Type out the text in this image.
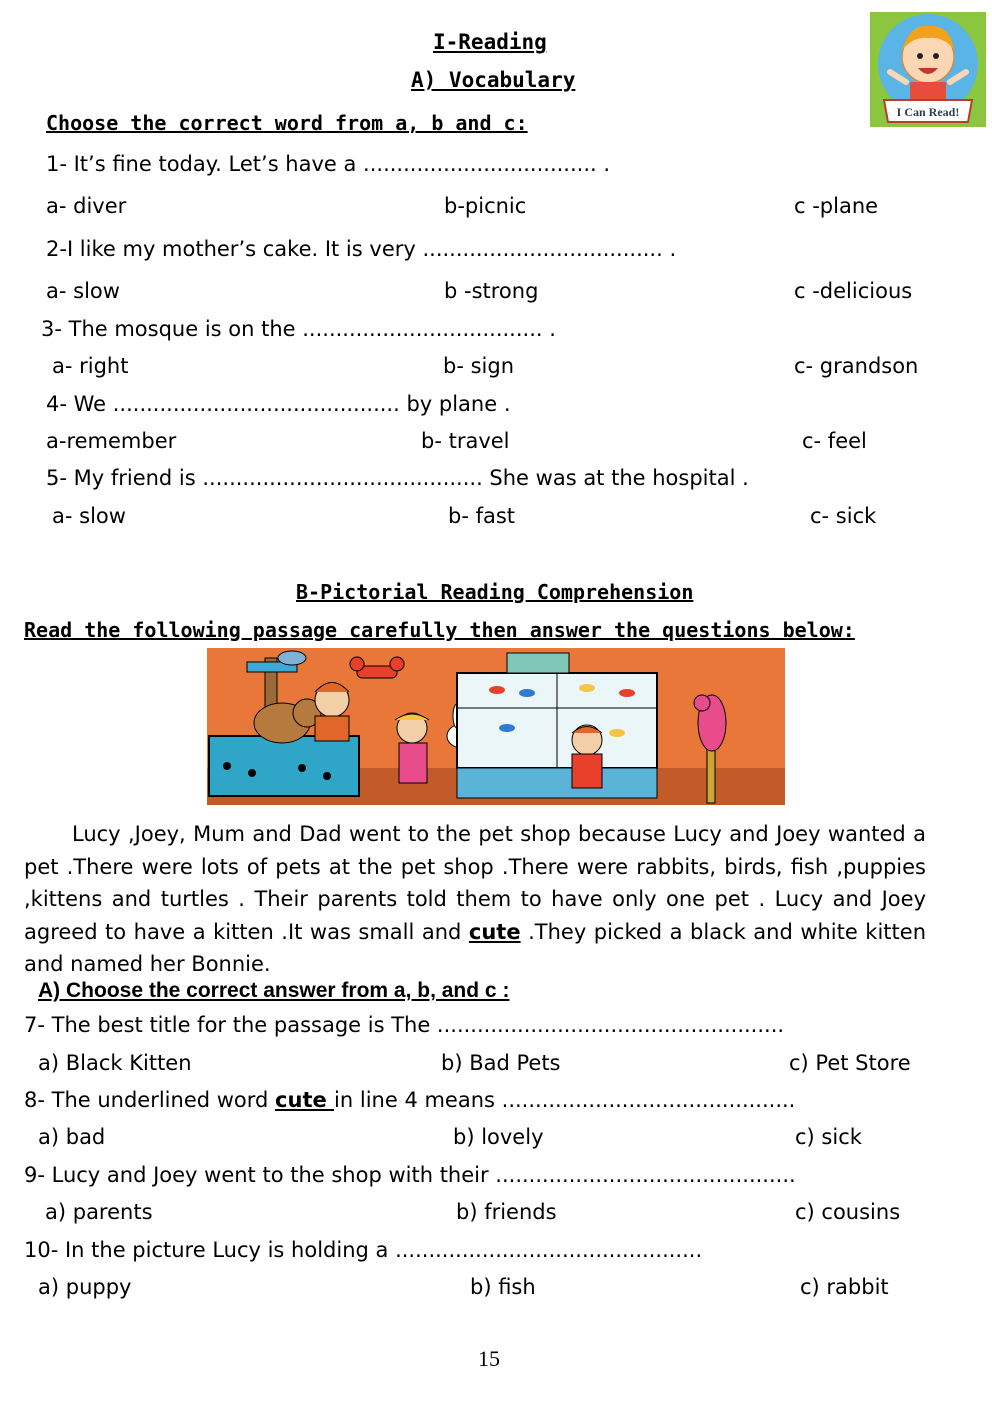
I-Reading
A) Vocabulary
Choose the correct word from a, b and c:	I Can Read!
1- It’s fine today. Let’s have a ................................... .
a- diver	b-picnic	c -plane
2-I like my mother’s cake. It is very .................................... .
a- slow	b -strong	c -delicious
3- The mosque is on the .................................... .
a- right	b- sign	c- grandson
4- We ........................................... by plane .
a-remember	b- travel	c- feel
5- My friend is .......................................... She was at the hospital .
a- slow	b- fast	c- sick
B-Pictorial Reading Comprehension
Read the following passage carefully then answer the questions below:
Lucy ,Joey, Mum and Dad went to the pet shop because Lucy and Joey wanted a pet .There were lots of pets at the pet shop .There were rabbits, birds, fish ,puppies ,kittens and turtles . Their parents told them to have only one pet . Lucy and Joey agreed to have a kitten .It was small and cute .They picked a black and white kitten and named her Bonnie.
A) Choose the correct answer from a, b, and c :
7- The best title for the passage is The ....................................................
a) Black Kitten	b) Bad Pets	c) Pet Store
8- The underlined word cute in line 4 means ............................................
a) bad	b) lovely	c) sick
9- Lucy and Joey went to the shop with their .............................................
a) parents	b) friends	c) cousins
10- In the picture Lucy is holding a ..............................................
a) puppy	b) fish	c) rabbit
15
